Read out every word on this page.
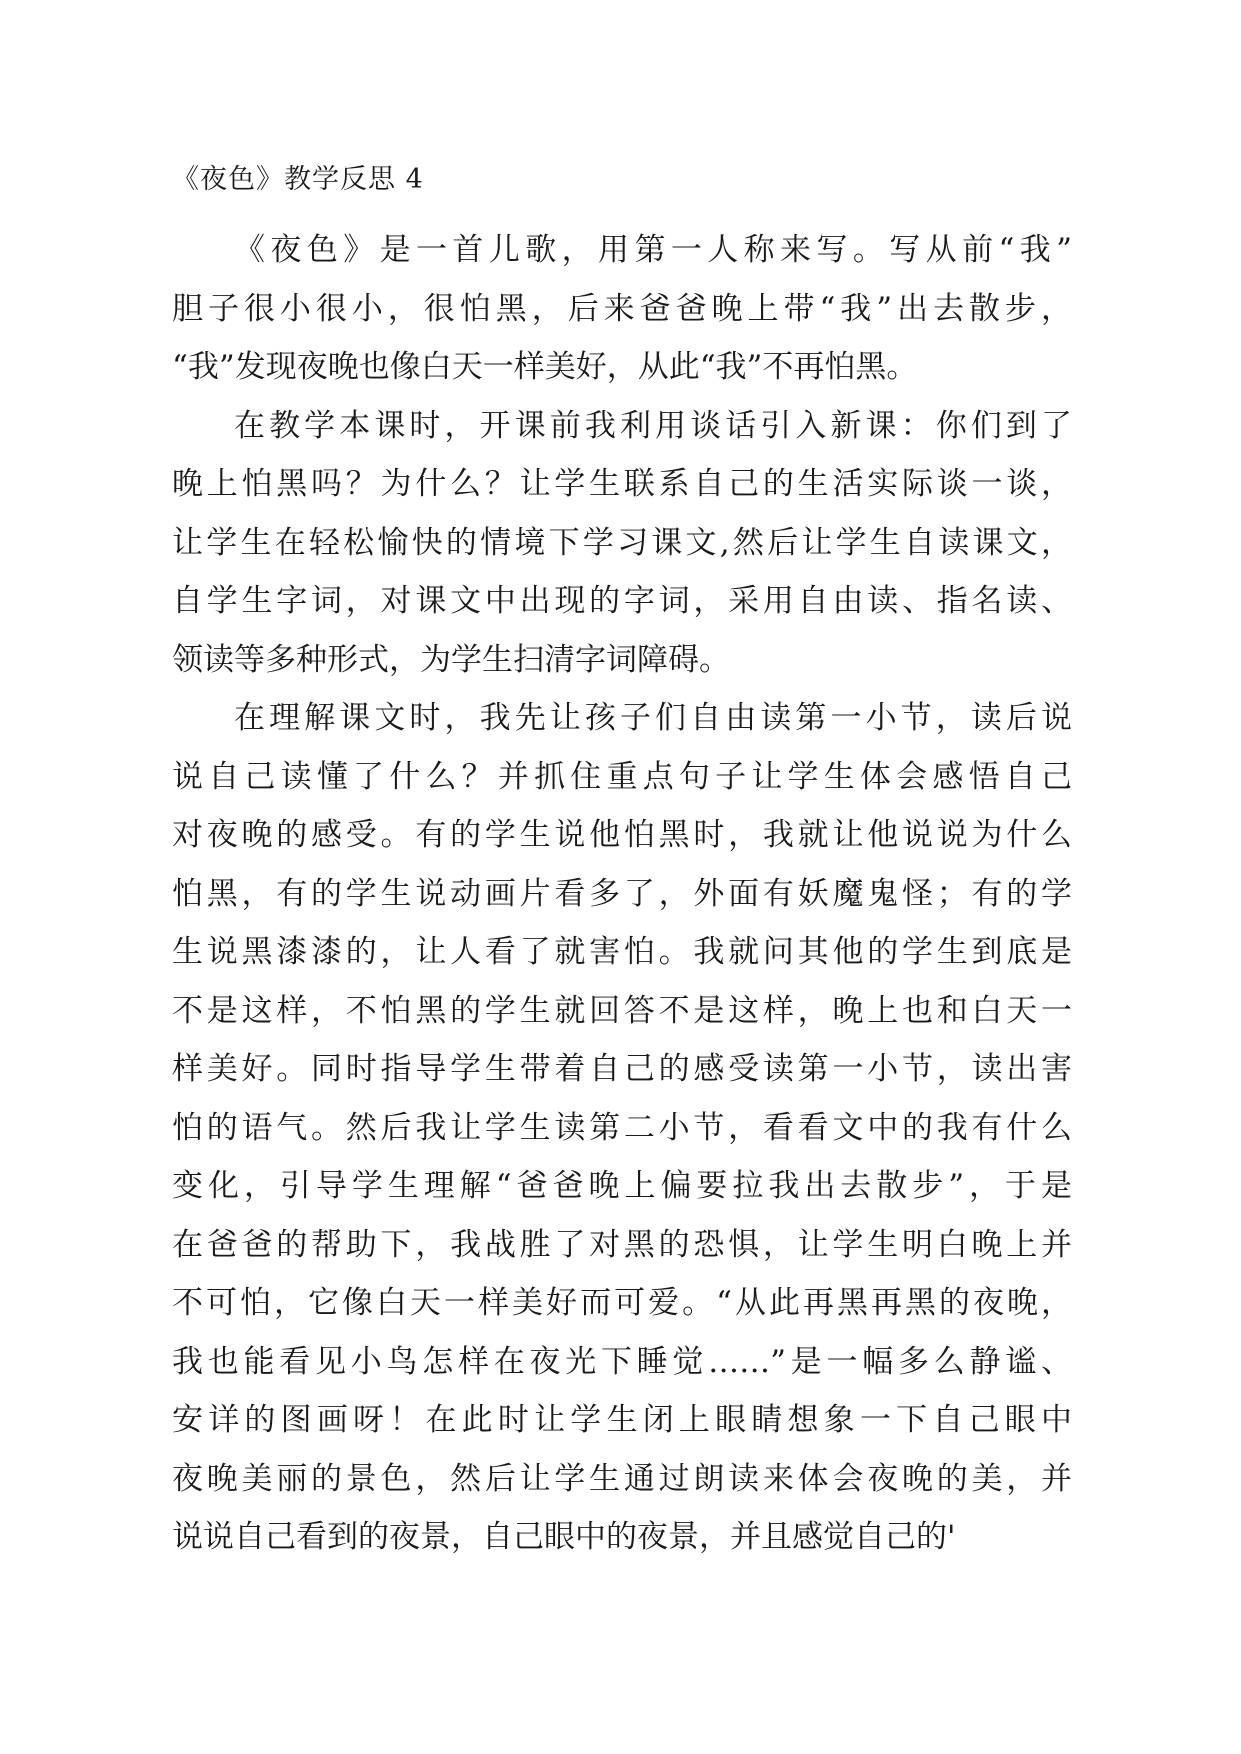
《夜色》教学反思 4
《夜色》是一首儿歌，用第一人称来写。写从前“我”
胆子很小很小，很怕黑，后来爸爸晚上带“我”出去散步，
“我”发现夜晚也像白天一样美好，从此“我”不再怕黑。
在教学本课时，开课前我利用谈话引入新课：你们到了
晚上怕黑吗？为什么？让学生联系自己的生活实际谈一谈，
让学生在轻松愉快的情境下学习课文,然后让学生自读课文，
自学生字词，对课文中出现的字词，采用自由读、指名读、
领读等多种形式，为学生扫清字词障碍。
在理解课文时，我先让孩子们自由读第一小节，读后说
说自己读懂了什么？并抓住重点句子让学生体会感悟自己
对夜晚的感受。有的学生说他怕黑时，我就让他说说为什么
怕黑，有的学生说动画片看多了，外面有妖魔鬼怪；有的学
生说黑漆漆的，让人看了就害怕。我就问其他的学生到底是
不是这样，不怕黑的学生就回答不是这样，晚上也和白天一
样美好。同时指导学生带着自己的感受读第一小节，读出害
怕的语气。然后我让学生读第二小节，看看文中的我有什么
变化，引导学生理解“爸爸晚上偏要拉我出去散步”，于是
在爸爸的帮助下，我战胜了对黑的恐惧，让学生明白晚上并
不可怕，它像白天一样美好而可爱。“从此再黑再黑的夜晚，
我也能看见小鸟怎样在夜光下睡觉……”是一幅多么静谧、
安详的图画呀！在此时让学生闭上眼睛想象一下自己眼中
夜晚美丽的景色，然后让学生通过朗读来体会夜晚的美，并
说说自己看到的夜景，自己眼中的夜景，并且感觉自己的'
